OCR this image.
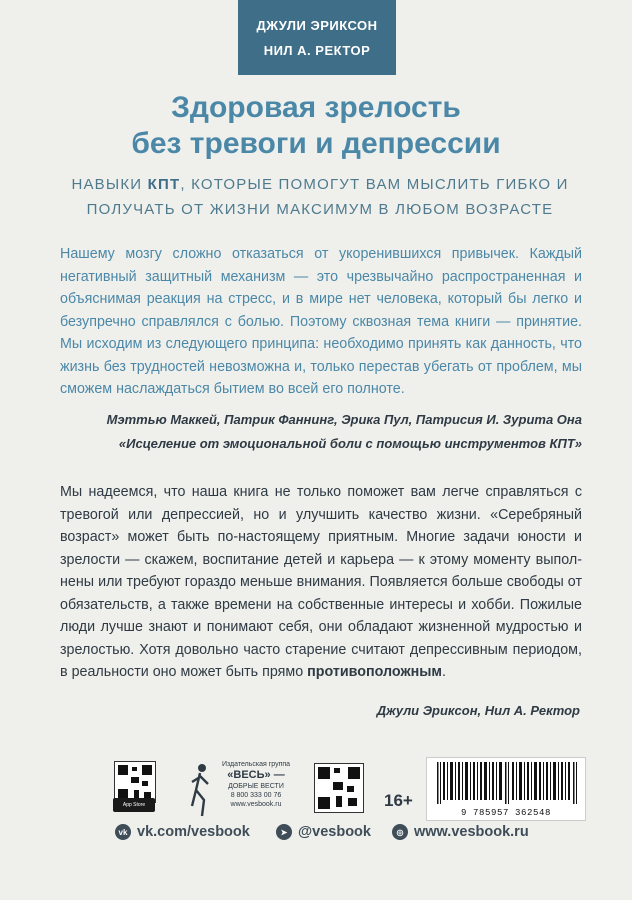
ДЖУЛИ ЭРИКСОН
НИЛ А. РЕКТОР
Здоровая зрелость
без тревоги и депрессии
НАВЫКИ КПТ, КОТОРЫЕ ПОМОГУТ ВАМ МЫСЛИТЬ ГИБКО И ПОЛУЧАТЬ ОТ ЖИЗНИ МАКСИМУМ В ЛЮБОМ ВОЗРАСТЕ
Нашему мозгу сложно отказаться от укоренившихся привычек. Каждый негативный защитный механизм — это чрезвычайно распространенная и объяснимая реакция на стресс, и в мире нет человека, который бы легко и безупречно справлялся с болью. Поэтому сквозная тема книги — принятие. Мы исходим из следующего принципа: необходимо принять как данность, что жизнь без трудностей невозможна и, только перестав убегать от проблем, мы сможем наслаждаться бытием во всей его полноте.
Мэттью Маккей, Патрик Фаннинг, Эрика Пул, Патрисия И. Зурита Она
«Исцеление от эмоциональной боли с помощью инструментов КПТ»
Мы надеемся, что наша книга не только поможет вам легче справляться с тревогой или депрессией, но и улучшить качество жизни. «Серебряный возраст» может быть по-настоящему приятным. Многие задачи юности и зрелости — скажем, воспитание детей и карьера — к этому моменту выполнены или требуют гораздо меньше внимания. Появляется больше свободы от обязательств, а также времени на собственные интересы и хобби. Пожилые люди лучше знают и понимают себя, они обладают жизненной мудростью и зрелостью. Хотя довольно часто старение считают депрессивным периодом, в реальности оно может быть прямо противоположным.
Джули Эриксон, Нил А. Ректор
App Store
Издательская группа
«ВЕСЬ» —
ДОБРЫЕ ВЕСТИ
8 800 333 00 76
www.vesbook.ru	16+
9 785957 362548
vk vk.com/vesbook	➤ @vesbook	◎ www.vesbook.ru
